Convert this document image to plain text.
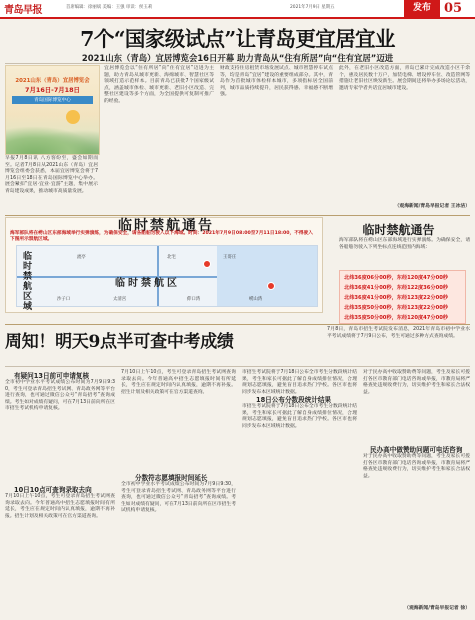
青岛早报	首席编辑：徐丽斌 美编：王强 审读：侯玉莉	2021年7月9日 星期五	发布	05
7个“国家级试点”让青岛更宜居宜业
2021山东（青岛）宜居博览会16日开幕 助力青岛从“住有所居”向“住有宜居”迈进
2021山东（青岛）宜居博览会
7月16日-7月18日
青岛国际博览中心
早报7月8日讯 八方客纷至，盛会如期而至。记者7月8日从2021山东（青岛）宜居博览会组委会获悉，本届宜居博览会将于7月16日至18日在青岛国际博览中心举办。展会紧扣“宜居·宜业·宜游”主题，集中展示青岛建设成果，推动城市高质量发展。
宜居博览会以“住有所居”向“住有宜居”迈进为主题，助力青岛从城市更新、海绵城市、智慧社区等领域打造示范样本。目前青岛已获批7个国家级试点，涵盖城市体检、城市更新、老旧小区改造、完整社区建设等多个方面，为全国提供可复制可推广的经验。
财政支持住房租赁市场发展试点、城市智慧停车试点等，均是青岛“宜居”建设的重要组成部分。其中，青岛作为首批城市体检样本城市，多项指标居全国前列，城市品质持续提升，居民获得感、幸福感不断增强。
此外，在老旧小区改造方面，青岛已累计完成改造小区千余个，惠及居民数十万户，加装电梯、增设停车位、改造管网等措施让老旧社区焕发新生。展会期间还将举办多场论坛活动，邀请专家学者共话宜居城市建设。
（观海新闻/青岛早报记者 王冰洁）
临时禁航通告
海军部队将在崂山区东部海域举行实弹演练，为确保安全，请各船舶勿驶入以下海域。时间：2021年7月9日08:00至7月11日18:00，不得驶入下图所示禁航区域。
临时禁航区域
临时禁航区
沙子口	太清宫	仰口湾	崂山湾
王哥庄
北宅
流亭
临时禁航通告
海军部队将在崂山区东部海域进行实弹演练。为确保安全，请各船舶勿驶入下列坐标点连线范围内海域：
北纬36度06分00秒，东经120度47分00秒
北纬36度41分00秒，东经122度36分00秒
北纬36度41分00秒，东经123度22分00秒
北纬35度50分00秒，东经123度22分00秒
北纬35度50分00秒，东经120度47分00秒
周知！明天9点半可查中考成绩
7月8日，青岛市招生考试院发布消息，2021年青岛市初中学业水平考试成绩将于7月9日公布，考生可通过多种方式查询成绩。
有疑问13日前可申请复核
全市初中学业水平考试成绩公布时间为7月9日9:30，考生可登录青岛招生考试网、青岛政务网等平台进行查询，也可通过微信公众号“青岛招考”查询成绩。考生如对成绩有疑问，可在7月13日前向所在区市招生考试机构申请复核。
10日10点可查询录取去向
7月10日上午10点，考生可登录青岛招生考试网查询录取去向。今年普通高中招生志愿填报时间有所延长，考生应在规定时间内认真填报，逾期不再补报。招生计划及相关政策可在官方渠道查询。
分数符志愿填报时间延长
7月10日上午10点，考生可登录青岛招生考试网查询录取去向。今年普通高中招生志愿填报时间有所延长，考生应在规定时间内认真填报，逾期不再补报。招生计划及相关政策可在官方渠道查询。
全市初中学业水平考试成绩公布时间为7月9日9:30，考生可登录青岛招生考试网、青岛政务网等平台进行查询，也可通过微信公众号“青岛招考”查询成绩。考生如对成绩有疑问，可在7月13日前向所在区市招生考试机构申请复核。
18日公布分数段统计结果
市招生考试院将于7月18日公布全市考生分数段统计结果，考生和家长可据此了解自身成绩排位情况，合理规划志愿填报，避免盲目追求热门学校。各区市也将同步发布本区域统计数据。
市招生考试院将于7月18日公布全市考生分数段统计结果，考生和家长可据此了解自身成绩排位情况，合理规划志愿填报，避免盲目追求热门学校。各区市也将同步发布本区域统计数据。
民办高中做赞助问题可电话咨询
对于民办高中收取赞助费等问题，考生及家长可拨打各区市教育部门电话咨询或举报，市教育局将严格查处违规收费行为，切实维护考生和家长合法权益。
对于民办高中收取赞助费等问题，考生及家长可拨打各区市教育部门电话咨询或举报，市教育局将严格查处违规收费行为，切实维护考生和家长合法权益。
（观海新闻/青岛早报记者 徐）
